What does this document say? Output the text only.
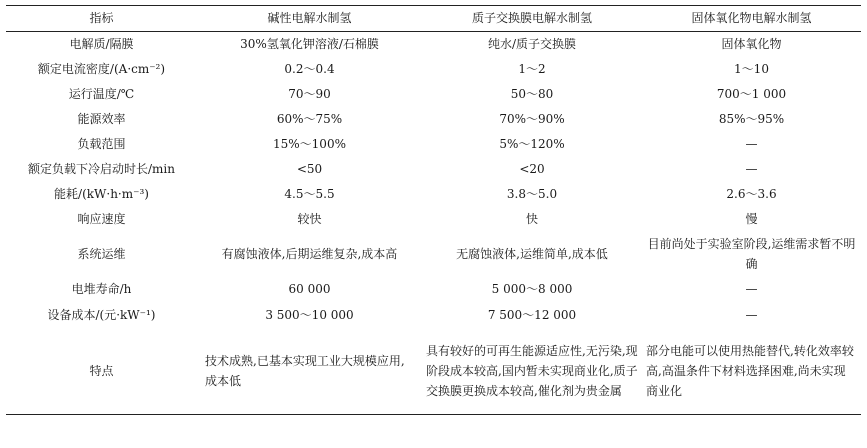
指标	碱性电解水制氢	质子交换膜电解水制氢	固体氧化物电解水制氢
电解质/隔膜	30%氢氧化钾溶液/石棉膜	纯水/质子交换膜	固体氧化物
额定电流密度/(A·cm⁻²)	0.2～0.4	1～2	1～10
运行温度/℃	70～90	50～80	700～1 000
能源效率	60%～75%	70%～90%	85%～95%
负载范围	15%～100%	5%～120%	—
额定负载下冷启动时长/min	<50	<20	—
能耗/(kW·h·m⁻³)	4.5～5.5	3.8～5.0	2.6～3.6
响应速度	较快	快	慢
系统运维	有腐蚀液体,后期运维复杂,成本高	无腐蚀液体,运维简单,成本低	目前尚处于实验室阶段,运维需求暂不明确
电堆寿命/h	60 000	5 000～8 000	—
设备成本/(元·kW⁻¹)	3 500～10 000	7 500～12 000	—
特点	技术成熟,已基本实现工业大规模应用,成本低	具有较好的可再生能源适应性,无污染,现阶段成本较高,国内暂未实现商业化,质子交换膜更换成本较高,催化剂为贵金属	部分电能可以使用热能替代,转化效率较高,高温条件下材料选择困难,尚未实现商业化
